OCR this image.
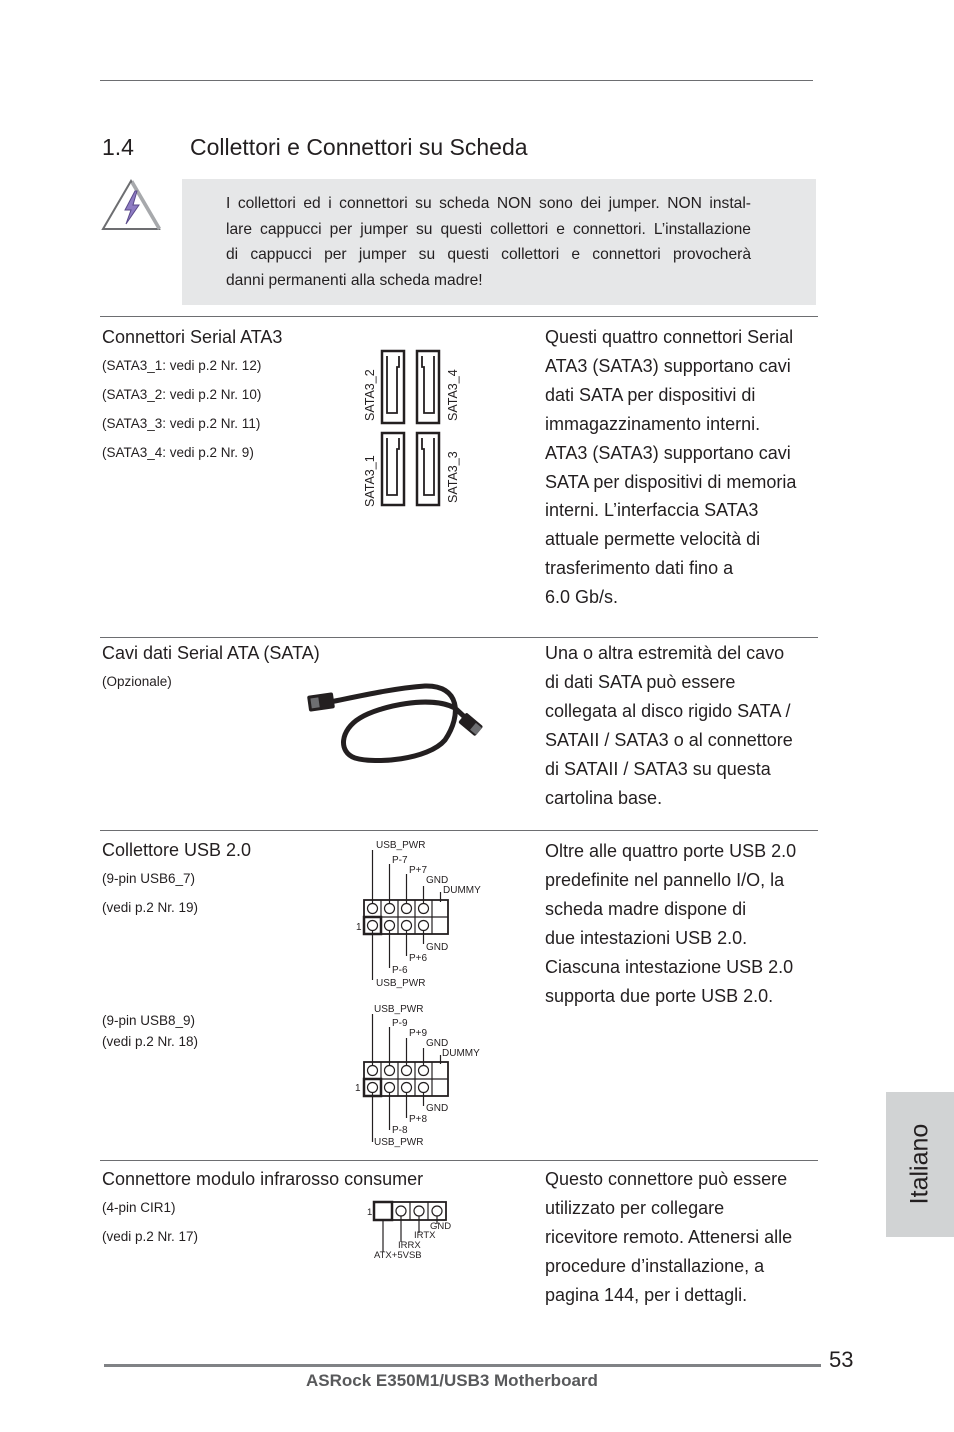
1.4 Collettori e Connettori su Scheda
I collettori ed i connettori su scheda NON sono dei jumper. NON instal-
lare cappucci per jumper su questi collettori e connettori. L’installazione
di cappucci per jumper su questi collettori e connettori provocherà
danni permanenti alla scheda madre!
Connettori Serial ATA3
(SATA3_1: vedi p.2 Nr. 12)
(SATA3_2: vedi p.2 Nr. 10)
(SATA3_3: vedi p.2 Nr. 11)
(SATA3_4: vedi p.2 Nr. 9)
SATA3_2	SATA3_4
SATA3_1	SATA3_3
Questi quattro connettori Serial
ATA3 (SATA3) supportano cavi
dati SATA per dispositivi di
immagazzinamento interni.
ATA3 (SATA3) supportano cavi
SATA per dispositivi di memoria
interni. L’interfaccia SATA3
attuale permette velocità di
trasferimento dati fino a
6.0 Gb/s.
Cavi dati Serial ATA (SATA)
(Opzionale)
Una o altra estremità del cavo
di dati SATA può essere
collegata al disco rigido SATA /
SATAII / SATA3 o al connettore
di SATAII / SATA3 su questa
cartolina base.
Collettore USB 2.0
(9-pin USB6_7)
(vedi p.2 Nr. 19)
USB_PWR
P-7
P+7
GND
DUMMY
1
GND
P+6
P-6
USB_PWR
(9-pin USB8_9)
(vedi p.2 Nr. 18)
USB_PWR
P-9
P+9
GND
DUMMY
1
GND
P+8
P-8
USB_PWR
Oltre alle quattro porte USB 2.0
predefinite nel pannello I/O, la
scheda madre dispone di
due intestazioni USB 2.0.
Ciascuna intestazione USB 2.0
supporta due porte USB 2.0.
Connettore modulo infrarosso consumer
(4-pin CIR1)
(vedi p.2 Nr. 17)
1
GND
IRTX
IRRX
ATX+5VSB
Questo connettore può essere
utilizzato per collegare
ricevitore remoto. Attenersi alle
procedure d’installazione, a
pagina 144, per i dettagli.
Italiano
53
ASRock E350M1/USB3 Motherboard
